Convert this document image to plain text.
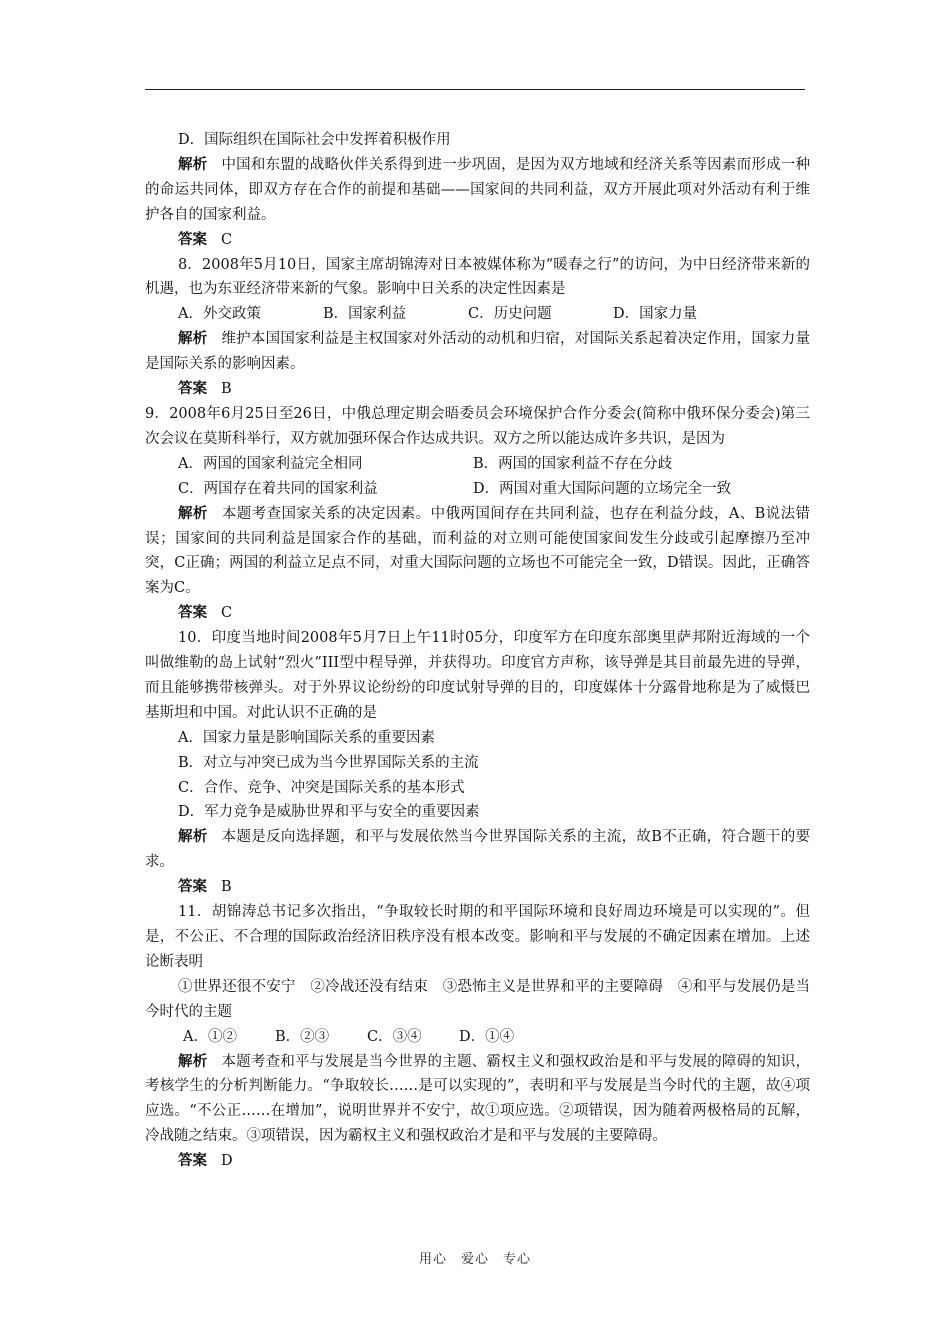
D．国际组织在国际社会中发挥着积极作用

解析 中国和东盟的战略伙伴关系得到进一步巩固，是因为双方地域和经济关系等因素而形成一种的命运共同体，即双方存在合作的前提和基础——国家间的共同利益，双方开展此项对外活动有利于维护各自的国家利益。

答案 C

8．2008年5月10日，国家主席胡锦涛对日本被媒体称为“暖春之行”的访问，为中日经济带来新的机遇，也为东亚经济带来新的气象。影响中日关系的决定性因素是

A．外交政策	B．国家利益	C．历史问题	D．国家力量

解析 维护本国国家利益是主权国家对外活动的动机和归宿，对国际关系起着决定作用，国家力量是国际关系的影响因素。

答案 B

9．2008年6月25日至26日，中俄总理定期会晤委员会环境保护合作分委会(简称中俄环保分委会)第三次会议在莫斯科举行，双方就加强环保合作达成共识。双方之所以能达成许多共识，是因为

A．两国的国家利益完全相同	B．两国的国家利益不存在分歧
C．两国存在着共同的国家利益	D．两国对重大国际问题的立场完全一致

解析 本题考查国家关系的决定因素。中俄两国间存在共同利益，也存在利益分歧，A、B说法错误；国家间的共同利益是国家合作的基础，而利益的对立则可能使国家间发生分歧或引起摩擦乃至冲突，C正确；两国的利益立足点不同，对重大国际问题的立场也不可能完全一致，D错误。因此，正确答案为C。

答案 C

10．印度当地时间2008年5月7日上午11时05分，印度军方在印度东部奥里萨邦附近海域的一个叫做维勒的岛上试射“烈火”III型中程导弹，并获得功。印度官方声称，该导弹是其目前最先进的导弹，而且能够携带核弹头。对于外界议论纷纷的印度试射导弹的目的，印度媒体十分露骨地称是为了威慑巴基斯坦和中国。对此认识不正确的是

A．国家力量是影响国际关系的重要因素

B．对立与冲突已成为当今世界国际关系的主流

C．合作、竞争、冲突是国际关系的基本形式

D．军力竞争是威胁世界和平与安全的重要因素

解析 本题是反向选择题，和平与发展依然当今世界国际关系的主流，故B不正确，符合题干的要求。

答案 B

11．胡锦涛总书记多次指出，“争取较长时期的和平国际环境和良好周边环境是可以实现的”。但是，不公正、不合理的国际政治经济旧秩序没有根本改变。影响和平与发展的不确定因素在增加。上述论断表明

①世界还很不安宁　②冷战还没有结束　③恐怖主义是世界和平的主要障碍　④和平与发展仍是当今时代的主题

A．①②	B．②③	C．③④	D．①④

解析 本题考查和平与发展是当今世界的主题、霸权主义和强权政治是和平与发展的障碍的知识，考核学生的分析判断能力。“争取较长……是可以实现的”，表明和平与发展是当今时代的主题，故④项应选。“不公正……在增加”，说明世界并不安宁，故①项应选。②项错误，因为随着两极格局的瓦解，冷战随之结束。③项错误，因为霸权主义和强权政治才是和平与发展的主要障碍。

答案 D

用心　爱心　专心
